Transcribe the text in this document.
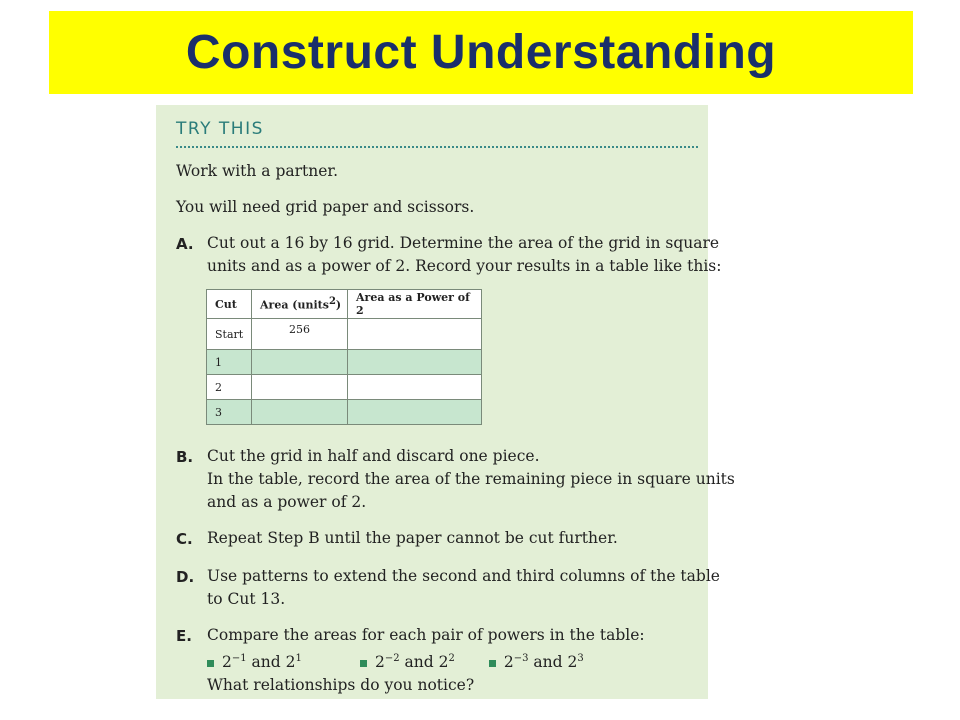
Construct Understanding
TRY THIS
Work with a partner.
You will need grid paper and scissors.
A. Cut out a 16 by 16 grid. Determine the area of the grid in square
units and as a power of 2. Record your results in a table like this:
Cut	Area (units$^2$)	Area as a Power of 2
Start	256	
1		
2		
3		
B. Cut the grid in half and discard one piece.
In the table, record the area of the remaining piece in square units
and as a power of 2.
C. Repeat Step B until the paper cannot be cut further.
D. Use patterns to extend the second and third columns of the table
to Cut 13.
E. Compare the areas for each pair of powers in the table:
$2^{-1}$ and $2^1$	$2^{-2}$ and $2^2$	$2^{-3}$ and $2^3$
What relationships do you notice?
